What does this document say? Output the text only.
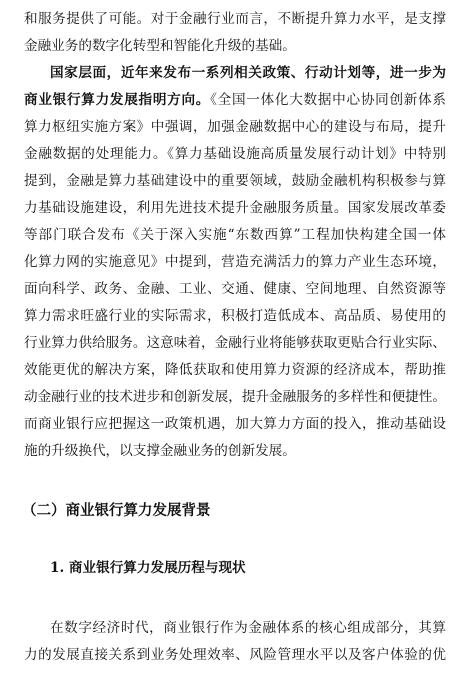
和服务提供了可能。对于金融行业而言，不断提升算力水平，是支撑
金融业务的数字化转型和智能化升级的基础。
国家层面，近年来发布一系列相关政策、行动计划等，进一步为
商业银行算力发展指明方向。《全国一体化大数据中心协同创新体系
算力枢纽实施方案》中强调，加强金融数据中心的建设与布局，提升
金融数据的处理能力。《算力基础设施高质量发展行动计划》中特别
提到，金融是算力基础建设中的重要领域，鼓励金融机构积极参与算
力基础设施建设，利用先进技术提升金融服务质量。国家发展改革委
等部门联合发布《关于深入实施“东数西算”工程加快构建全国一体
化算力网的实施意见》中提到，营造充满活力的算力产业生态环境，
面向科学、政务、金融、工业、交通、健康、空间地理、自然资源等
算力需求旺盛行业的实际需求，积极打造低成本、高品质、易使用的
行业算力供给服务。这意味着，金融行业将能够获取更贴合行业实际、
效能更优的解决方案，降低获取和使用算力资源的经济成本，帮助推
动金融行业的技术进步和创新发展，提升金融服务的多样性和便捷性。
而商业银行应把握这一政策机遇，加大算力方面的投入，推动基础设
施的升级换代，以支撑金融业务的创新发展。
（二）商业银行算力发展背景
1. 商业银行算力发展历程与现状
在数字经济时代，商业银行作为金融体系的核心组成部分，其算
力的发展直接关系到业务处理效率、风险管理水平以及客户体验的优
